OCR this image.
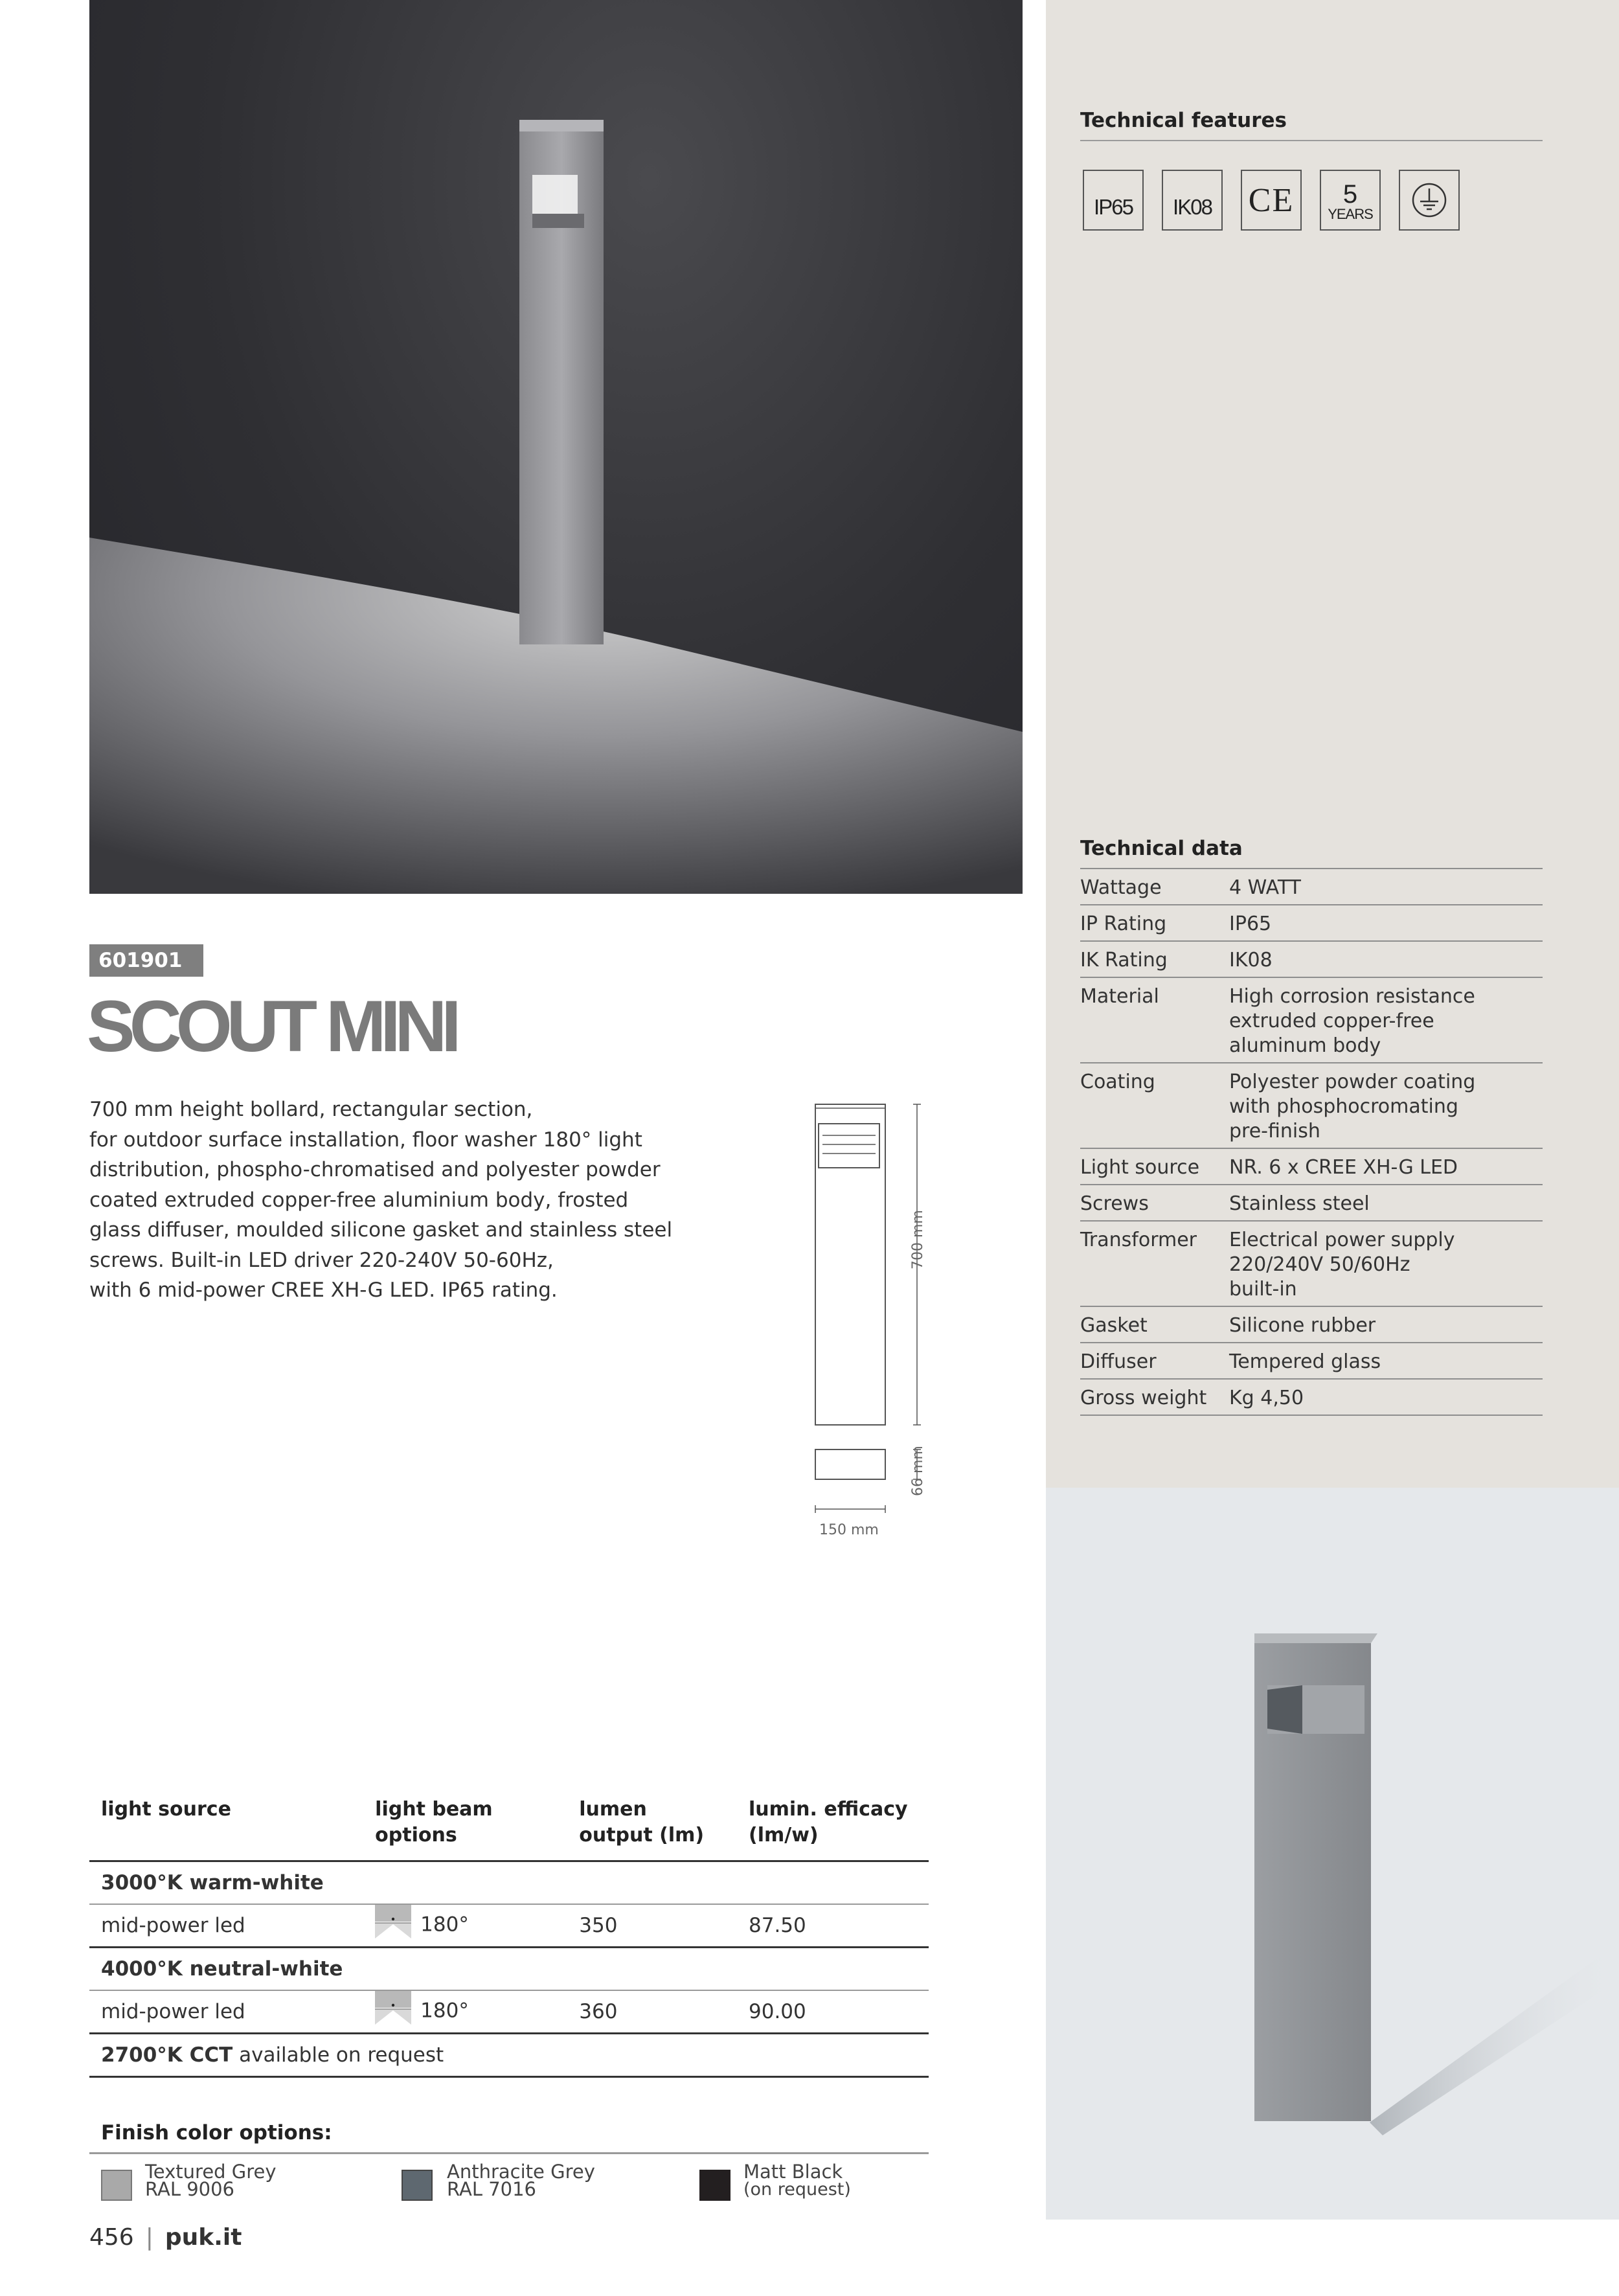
Technical features
IP65 IK08 CE 5
YEARS
Technical data
Wattage	4 WATT
IP Rating	IP65
IK Rating	IK08
Material	High corrosion resistance
extruded copper-free
aluminum body
Coating	Polyester powder coating
with phosphocromating
pre-finish
Light source	NR. 6 x CREE XH-G LED
Screws	Stainless steel
Transformer	Electrical power supply
220/240V 50/60Hz
built-in
Gasket	Silicone rubber
Diffuser	Tempered glass
Gross weight	Kg 4,50
601901
SCOUT MINI
700 mm height bollard, rectangular section,
for outdoor surface installation, floor washer 180° light
distribution, phospho-chromatised and polyester powder
coated extruded copper-free aluminium body, frosted
glass diffuser, moulded silicone gasket and stainless steel
screws. Built-in LED driver 220-240V 50-60Hz,
with 6 mid-power CREE XH-G LED. IP65 rating.
700 mm
66 mm
150 mm
light source	light beam options	lumen output (lm)	lumin. efficacy (lm/w)

3000°K warm-white			
mid-power led	180°	350	87.50
4000°K neutral-white			
mid-power led	180°	360	90.00
2700°K CCT available on request			
Finish color options:
Textured Grey
RAL 9006
Anthracite Grey
RAL 7016
Matt Black
(on request)
456 | puk.it
